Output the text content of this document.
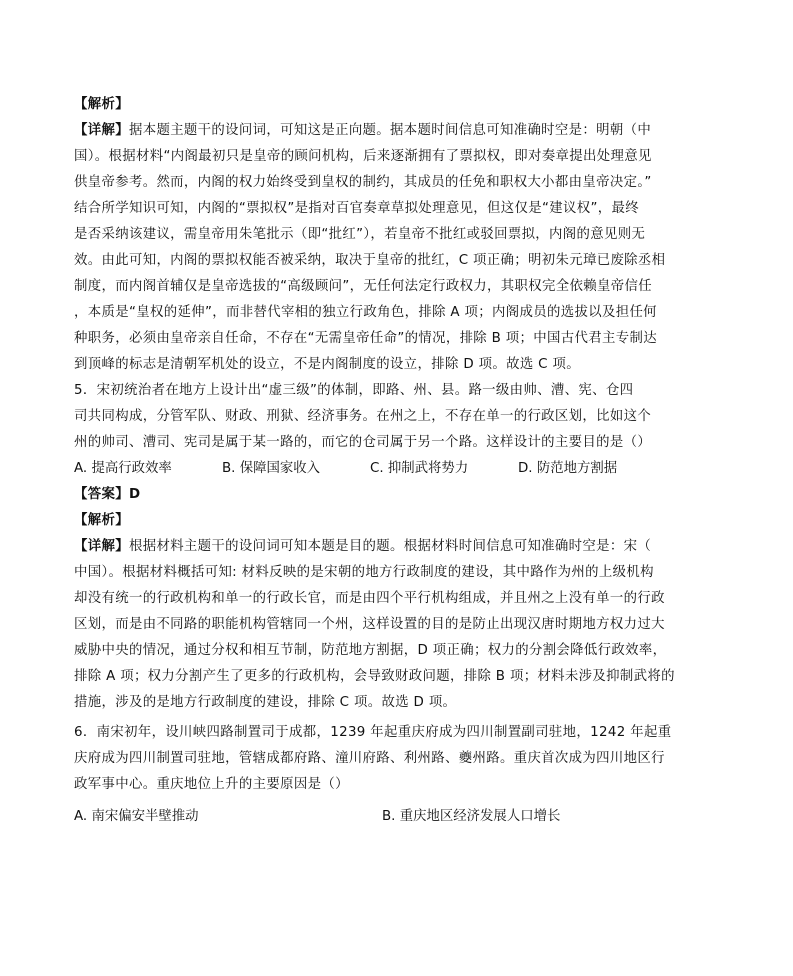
【解析】
【详解】据本题主题干的设问词，可知这是正向题。据本题时间信息可知准确时空是：明朝（中
国）。根据材料“内阁最初只是皇帝的顾问机构，后来逐渐拥有了票拟权，即对奏章提出处理意见
供皇帝参考。然而，内阁的权力始终受到皇权的制约，其成员的任免和职权大小都由皇帝决定。”
结合所学知识可知，内阁的“票拟权”是指对百官奏章草拟处理意见，但这仅是“建议权”，最终
是否采纳该建议，需皇帝用朱笔批示（即“批红”），若皇帝不批红或驳回票拟，内阁的意见则无
效。由此可知，内阁的票拟权能否被采纳，取决于皇帝的批红，C 项正确；明初朱元璋已废除丞相
制度，而内阁首辅仅是皇帝选拔的“高级顾问”，无任何法定行政权力，其职权完全依赖皇帝信任
，本质是“皇权的延伸”，而非替代宰相的独立行政角色，排除 A 项；内阁成员的选拔以及担任何
种职务，必须由皇帝亲自任命，不存在“无需皇帝任命”的情况，排除 B 项；中国古代君主专制达
到顶峰的标志是清朝军机处的设立，不是内阁制度的设立，排除 D 项。故选 C 项。
5．宋初统治者在地方上设计出“虚三级”的体制，即路、州、县。路一级由帅、漕、宪、仓四
司共同构成，分管军队、财政、刑狱、经济事务。在州之上，不存在单一的行政区划，比如这个
州的帅司、漕司、宪司是属于某一路的，而它的仓司属于另一个路。这样设计的主要目的是（）
A. 提高行政效率	B. 保障国家收入	C. 抑制武将势力	D. 防范地方割据
【答案】D
【解析】
【详解】根据材料主题干的设问词可知本题是目的题。根据材料时间信息可知准确时空是：宋（
中国）。根据材料概括可知: 材料反映的是宋朝的地方行政制度的建设，其中路作为州的上级机构
却没有统一的行政机构和单一的行政长官，而是由四个平行机构组成，并且州之上没有单一的行政
区划，而是由不同路的职能机构管辖同一个州，这样设置的目的是防止出现汉唐时期地方权力过大
威胁中央的情况，通过分权和相互节制，防范地方割据，D 项正确；权力的分割会降低行政效率，
排除 A 项；权力分割产生了更多的行政机构，会导致财政问题，排除 B 项；材料未涉及抑制武将的
措施，涉及的是地方行政制度的建设，排除 C 项。故选 D 项。
6．南宋初年，设川峡四路制置司于成都，1239 年起重庆府成为四川制置副司驻地，1242 年起重
庆府成为四川制置司驻地，管辖成都府路、潼川府路、利州路、夔州路。重庆首次成为四川地区行
政军事中心。重庆地位上升的主要原因是（）
A. 南宋偏安半壁推动	B. 重庆地区经济发展人口增长
